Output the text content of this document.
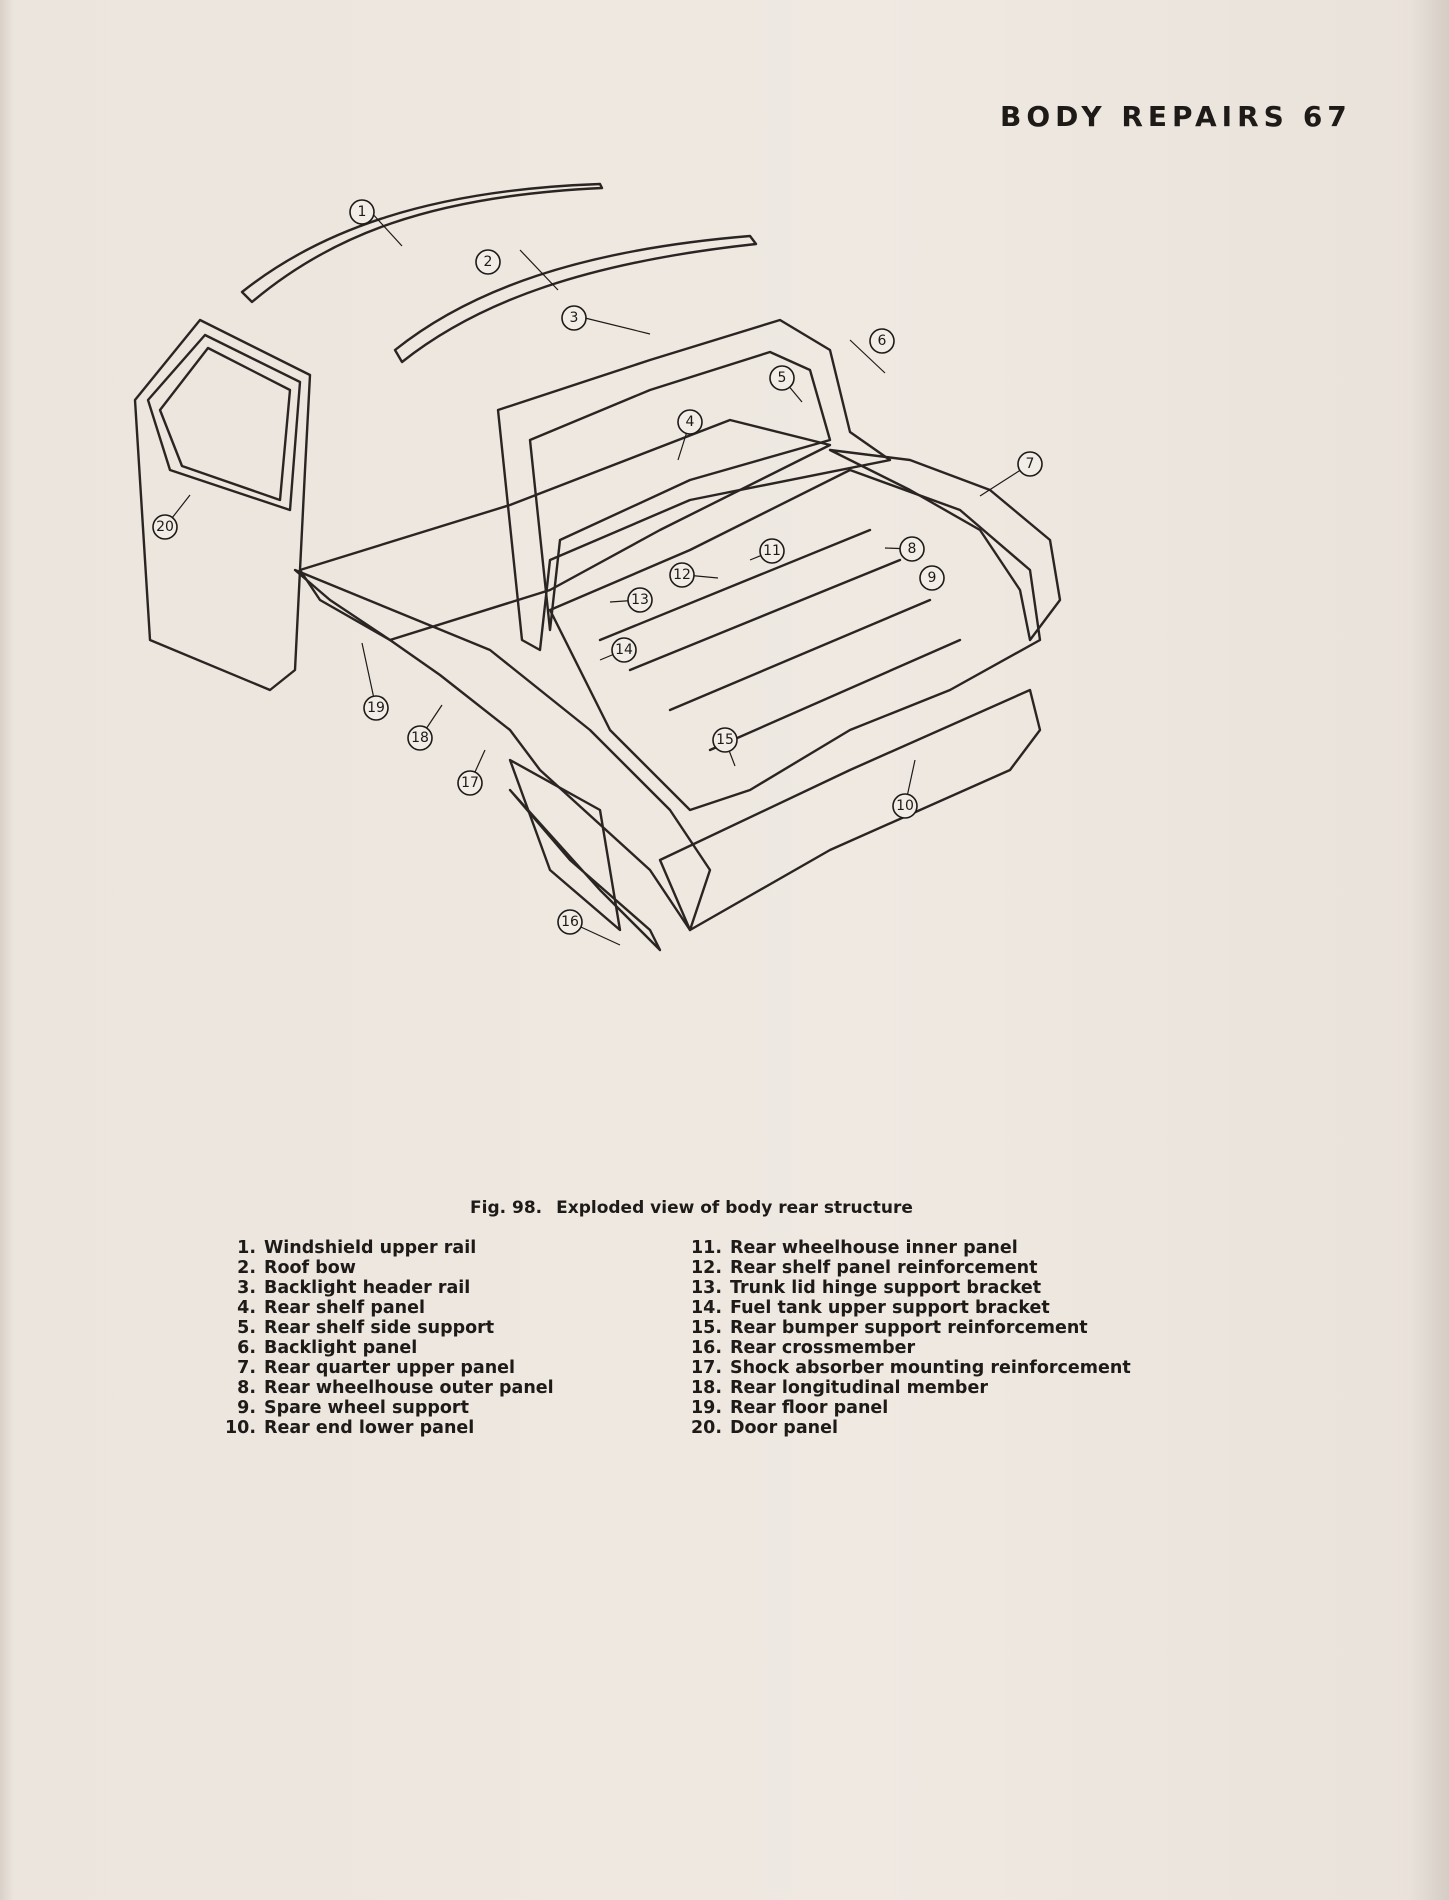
BODY REPAIRS 67
1
2
3
4
5
6
7
8
9
10
11
12
13
14
15
16
17
18
19
20
Fig. 98. Exploded view of body rear structure
1. Windshield upper rail
2. Roof bow
3. Backlight header rail
4. Rear shelf panel
5. Rear shelf side support
6. Backlight panel
7. Rear quarter upper panel
8. Rear wheelhouse outer panel
9. Spare wheel support
10. Rear end lower panel
11. Rear wheelhouse inner panel
12. Rear shelf panel reinforcement
13. Trunk lid hinge support bracket
14. Fuel tank upper support bracket
15. Rear bumper support reinforcement
16. Rear crossmember
17. Shock absorber mounting reinforcement
18. Rear longitudinal member
19. Rear floor panel
20. Door panel
